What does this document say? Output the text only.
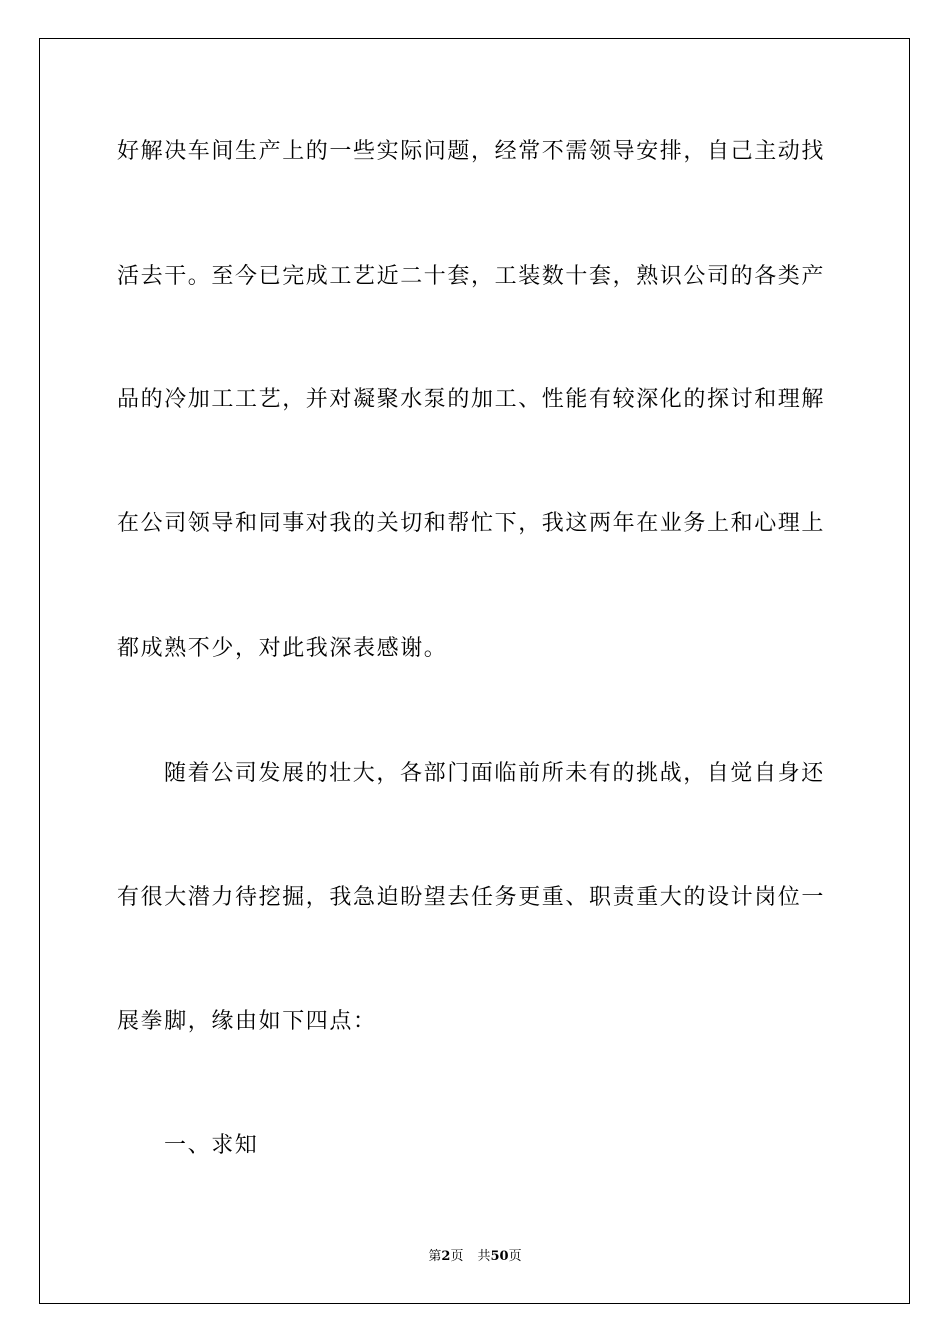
好解决车间生产上的一些实际问题，经常不需领导安排，自己主动找
活去干。至今已完成工艺近二十套，工装数十套，熟识公司的各类产
品的冷加工工艺，并对凝聚水泵的加工、性能有较深化的探讨和理解
在公司领导和同事对我的关切和帮忙下，我这两年在业务上和心理上
都成熟不少，对此我深表感谢。
随着公司发展的壮大，各部门面临前所未有的挑战，自觉自身还
有很大潜力待挖掘，我急迫盼望去任务更重、职责重大的设计岗位一
展拳脚，缘由如下四点：
一、求知
第2页 共50页
